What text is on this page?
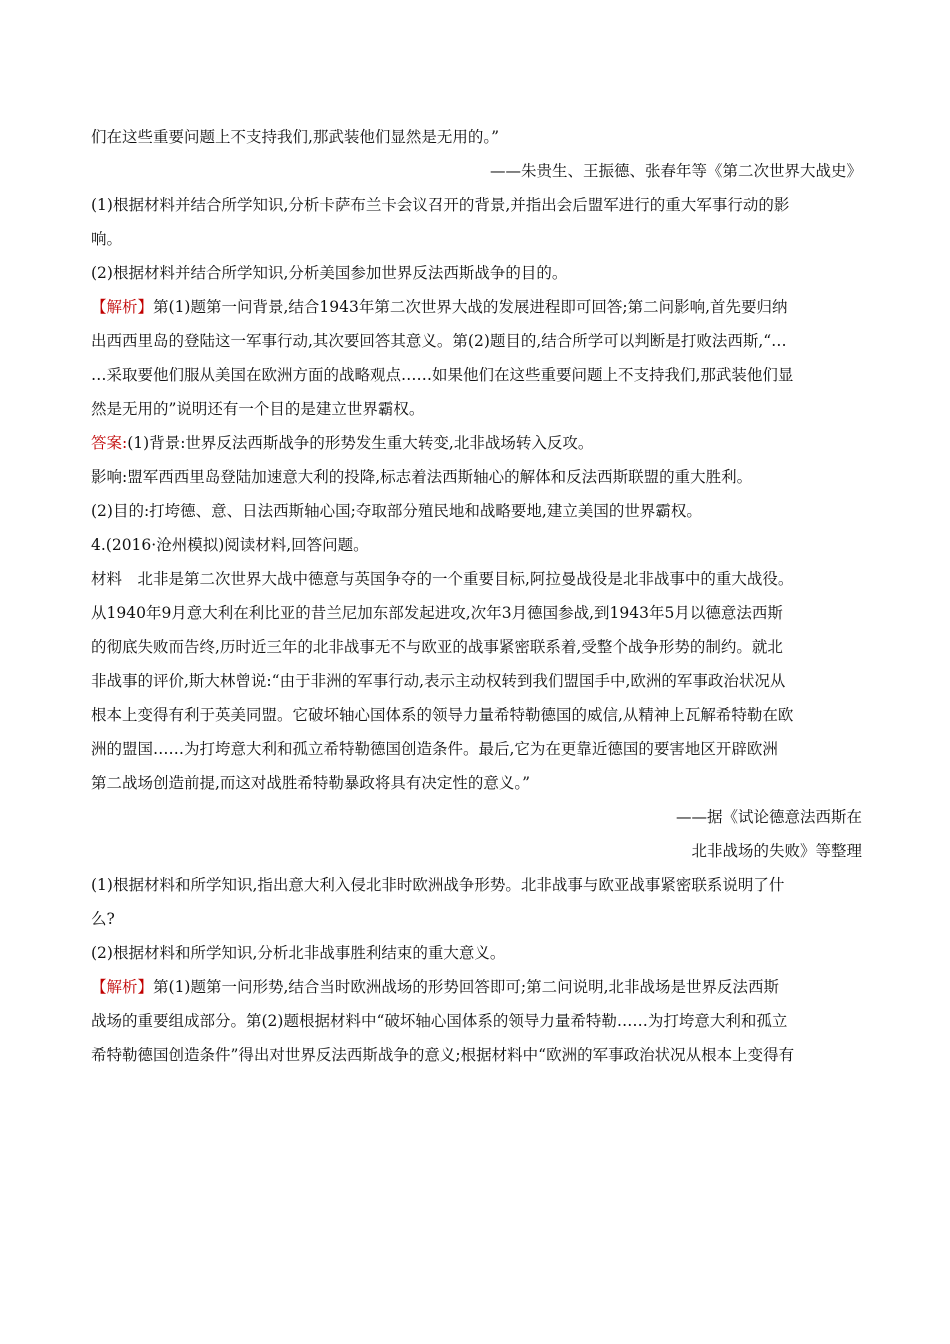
们在这些重要问题上不支持我们,那武装他们显然是无用的。”
——朱贵生、王振德、张春年等《第二次世界大战史》
(1)根据材料并结合所学知识,分析卡萨布兰卡会议召开的背景,并指出会后盟军进行的重大军事行动的影
响。
(2)根据材料并结合所学知识,分析美国参加世界反法西斯战争的目的。
【解析】第(1)题第一问背景,结合1943年第二次世界大战的发展进程即可回答;第二问影响,首先要归纳
出西西里岛的登陆这一军事行动,其次要回答其意义。第(2)题目的,结合所学可以判断是打败法西斯,“…
…采取要他们服从美国在欧洲方面的战略观点……如果他们在这些重要问题上不支持我们,那武装他们显
然是无用的”说明还有一个目的是建立世界霸权。
答案:(1)背景:世界反法西斯战争的形势发生重大转变,北非战场转入反攻。
影响:盟军西西里岛登陆加速意大利的投降,标志着法西斯轴心的解体和反法西斯联盟的重大胜利。
(2)目的:打垮德、意、日法西斯轴心国;夺取部分殖民地和战略要地,建立美国的世界霸权。
4.(2016·沧州模拟)阅读材料,回答问题。
材料　北非是第二次世界大战中德意与英国争夺的一个重要目标,阿拉曼战役是北非战事中的重大战役。
从1940年9月意大利在利比亚的昔兰尼加东部发起进攻,次年3月德国参战,到1943年5月以德意法西斯
的彻底失败而告终,历时近三年的北非战事无不与欧亚的战事紧密联系着,受整个战争形势的制约。就北
非战事的评价,斯大林曾说:“由于非洲的军事行动,表示主动权转到我们盟国手中,欧洲的军事政治状况从
根本上变得有利于英美同盟。它破坏轴心国体系的领导力量希特勒德国的威信,从精神上瓦解希特勒在欧
洲的盟国……为打垮意大利和孤立希特勒德国创造条件。最后,它为在更靠近德国的要害地区开辟欧洲
第二战场创造前提,而这对战胜希特勒暴政将具有决定性的意义。”
——据《试论德意法西斯在
北非战场的失败》等整理
(1)根据材料和所学知识,指出意大利入侵北非时欧洲战争形势。北非战事与欧亚战事紧密联系说明了什
么?
(2)根据材料和所学知识,分析北非战事胜利结束的重大意义。
【解析】第(1)题第一问形势,结合当时欧洲战场的形势回答即可;第二问说明,北非战场是世界反法西斯
战场的重要组成部分。第(2)题根据材料中“破坏轴心国体系的领导力量希特勒……为打垮意大利和孤立
希特勒德国创造条件”得出对世界反法西斯战争的意义;根据材料中“欧洲的军事政治状况从根本上变得有
